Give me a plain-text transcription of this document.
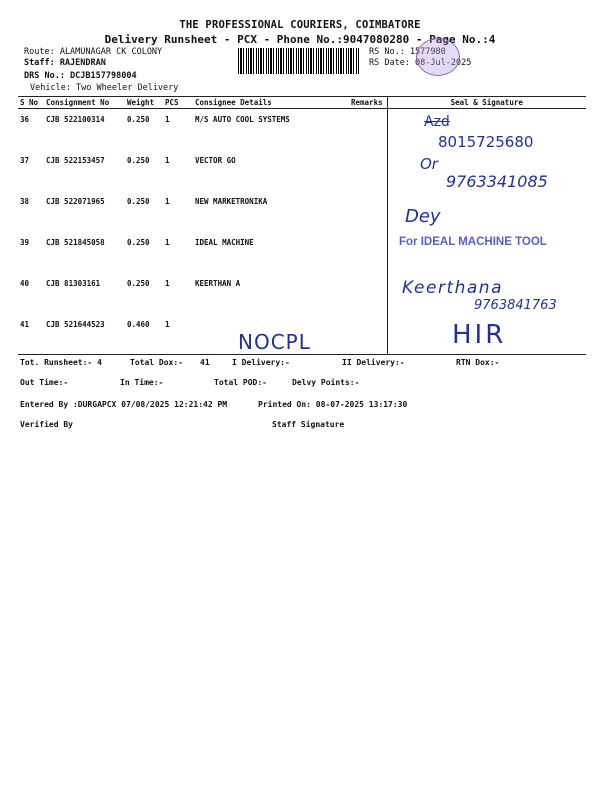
THE PROFESSIONAL COURIERS, COIMBATORE
Delivery Runsheet - PCX - Phone No.:9047080280 - Page No.:4
Route: ALAMUNAGAR CK COLONY
Staff: RAJENDRAN
DRS No.: DCJB157798004
Vehicle: Two Wheeler Delivery
RS No.: 1577980
RS Date: 08-Jul-2025
S No	Consignment No	Weight	PCS	Consignee Details	Remarks	Seal & Signature
36	CJB 522100314	0.250	1	M/S AUTO COOL SYSTEMS		
37	CJB 522153457	0.250	1	VECTOR GO		
38	CJB 522071965	0.250	1	NEW MARKETRONIKA		
39	CJB 521845058	0.250	1	IDEAL MACHINE		
40	CJB 81303161	0.250	1	KEERTHAN A		
41	CJB 521644523	0.460	1			
Azd
8015725680
Or
9763341085
Dey
For IDEAL MACHINE TOOL
Keerthana
9763841763
NOCPL	HIR
Tot. Runsheet:- 4	Total Dox:- 41	I Delivery:-	II Delivery:-	RTN Dox:-
Out Time:-	In Time:-	Total POD:-	Delvy Points:-
Entered By :DURGAPCX 07/08/2025 12:21:42 PM	Printed On: 08-07-2025 13:17:30
Verified By	Staff Signature
